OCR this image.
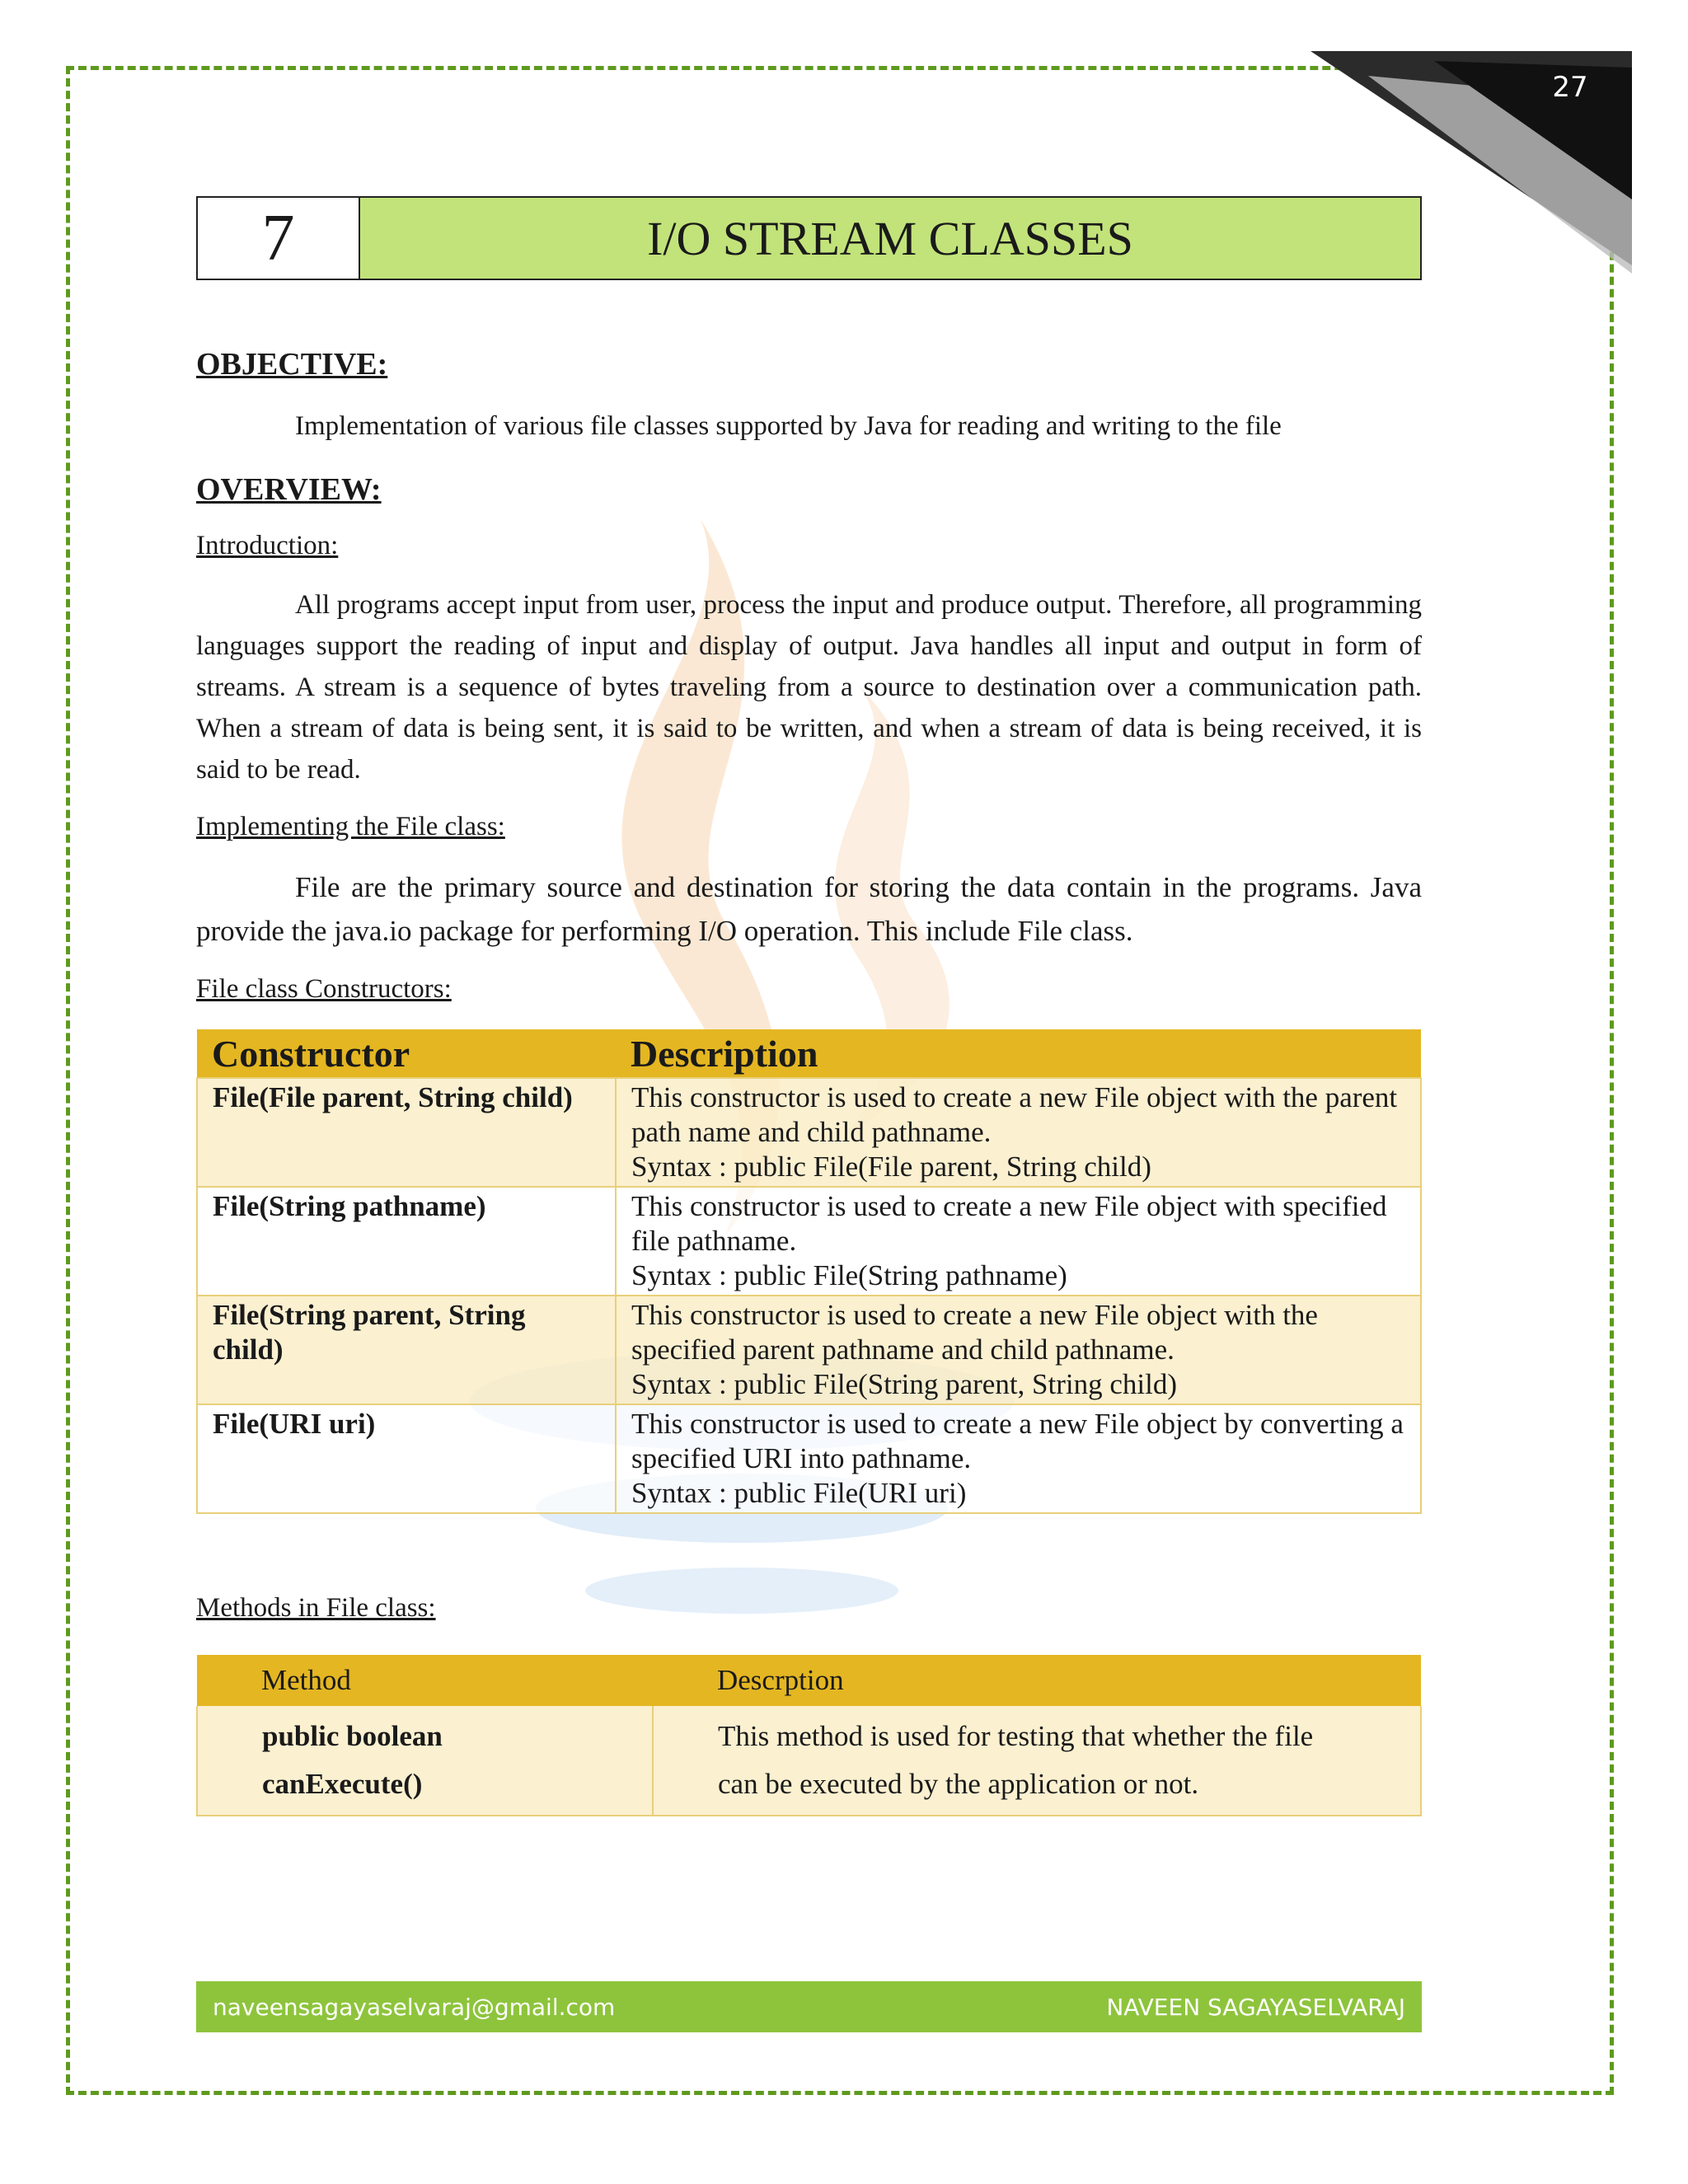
27
7	I/O STREAM CLASSES
OBJECTIVE:

Implementation of various file classes supported by Java for reading and writing to the file

OVERVIEW:
Introduction:

All programs accept input from user, process the input and produce output. Therefore, all programming languages support the reading of input and display of output. Java handles all input and output in form of streams. A stream is a sequence of bytes traveling from a source to destination over a communication path. When a stream of data is being sent, it is said to be written, and when a stream of data is being received, it is said to be read.

Implementing the File class:

File are the primary source and destination for storing the data contain in the programs. Java provide the java.io package for performing I/O operation. This include File class.

File class Constructors:
Constructor	Description
File(File parent, String child)	This constructor is used to create a new File object with the parent path name and child pathname.
Syntax : public File(File parent, String child)

File(String pathname)	This constructor is used to create a new File object with specified file pathname.
Syntax : public File(String pathname)

File(String parent, String child)	This constructor is used to create a new File object with the specified parent pathname and child pathname.
Syntax : public File(String parent, String child)

File(URI uri)	This constructor is used to create a new File object by converting a specified URI into pathname.
Syntax : public File(URI uri)
Methods in File class:
Method	Descrption
public boolean canExecute()	This method is used for testing that whether the file can be executed by the application or not.
naveensagayaselvaraj@gmail.com	NAVEEN SAGAYASELVARAJ
